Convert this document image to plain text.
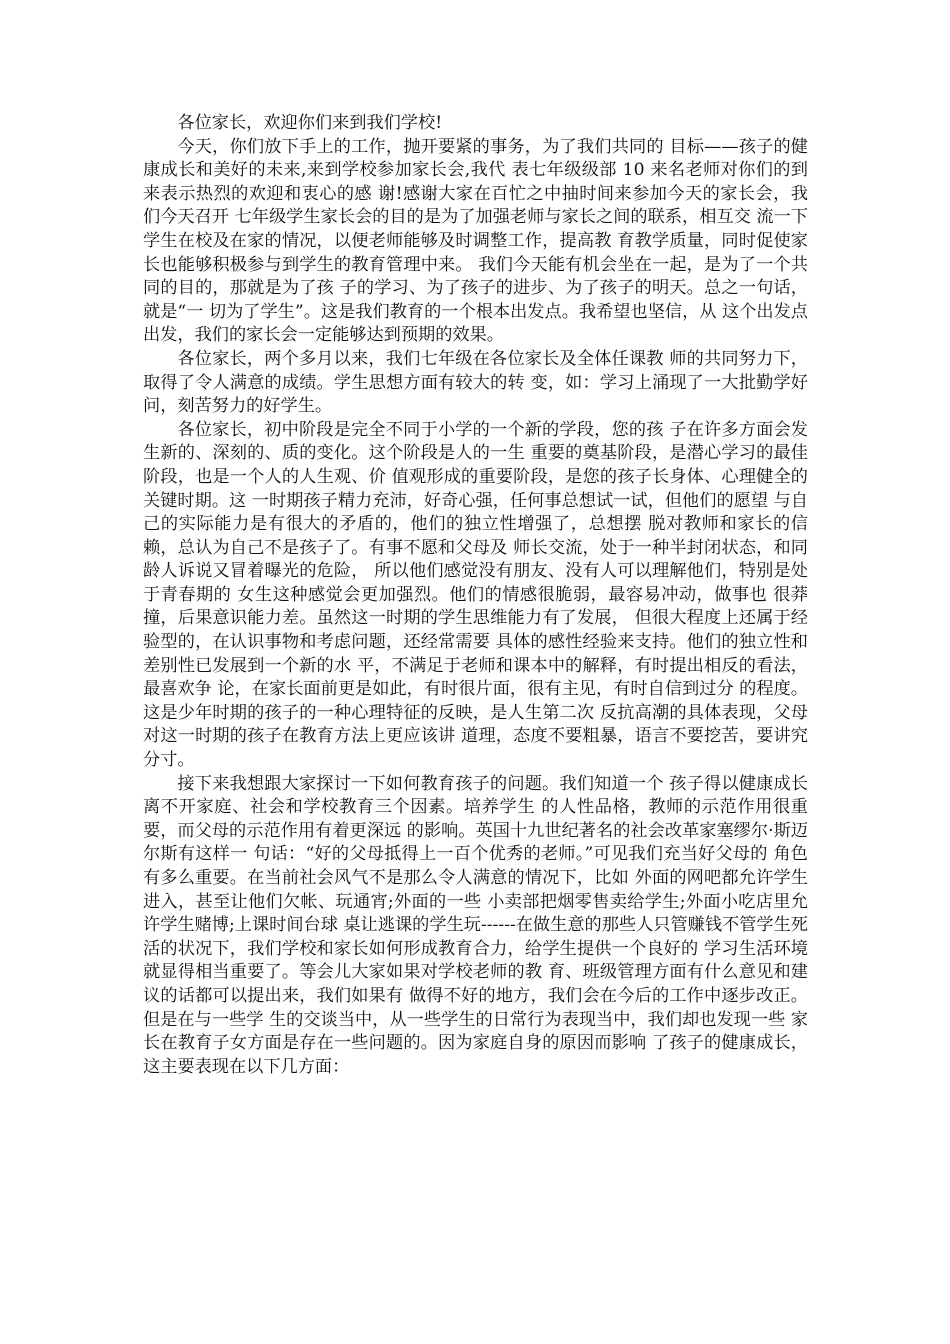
各位家长，欢迎你们来到我们学校!

今天，你们放下手上的工作，抛开要紧的事务，为了我们共同的 目标——孩子的健康成长和美好的未来,来到学校参加家长会,我代 表七年级级部 10 来名老师对你们的到来表示热烈的欢迎和衷心的感 谢!感谢大家在百忙之中抽时间来参加今天的家长会，我们今天召开 七年级学生家长会的目的是为了加强老师与家长之间的联系，相互交 流一下学生在校及在家的情况，以便老师能够及时调整工作，提高教 育教学质量，同时促使家长也能够积极参与到学生的教育管理中来。 我们今天能有机会坐在一起，是为了一个共同的目的，那就是为了孩 子的学习、为了孩子的进步、为了孩子的明天。总之一句话，就是“一 切为了学生”。这是我们教育的一个根本出发点。我希望也坚信，从 这个出发点出发，我们的家长会一定能够达到预期的效果。

各位家长，两个多月以来，我们七年级在各位家长及全体任课教 师的共同努力下，取得了令人满意的成绩。学生思想方面有较大的转 变，如：学习上涌现了一大批勤学好问，刻苦努力的好学生。

各位家长，初中阶段是完全不同于小学的一个新的学段，您的孩 子在许多方面会发生新的、深刻的、质的变化。这个阶段是人的一生 重要的奠基阶段，是潜心学习的最佳阶段，也是一个人的人生观、价 值观形成的重要阶段，是您的孩子长身体、心理健全的关键时期。这 一时期孩子精力充沛，好奇心强，任何事总想试一试，但他们的愿望 与自己的实际能力是有很大的矛盾的，他们的独立性增强了，总想摆 脱对教师和家长的信赖，总认为自己不是孩子了。有事不愿和父母及 师长交流，处于一种半封闭状态，和同龄人诉说又冒着曝光的危险， 所以他们感觉没有朋友、没有人可以理解他们，特别是处于青春期的 女生这种感觉会更加强烈。他们的情感很脆弱，最容易冲动，做事也 很莽撞，后果意识能力差。虽然这一时期的学生思维能力有了发展， 但很大程度上还属于经验型的，在认识事物和考虑问题，还经常需要 具体的感性经验来支持。他们的独立性和差别性已发展到一个新的水 平，不满足于老师和课本中的解释，有时提出相反的看法，最喜欢争 论，在家长面前更是如此，有时很片面，很有主见，有时自信到过分 的程度。这是少年时期的孩子的一种心理特征的反映，是人生第二次 反抗高潮的具体表现，父母对这一时期的孩子在教育方法上更应该讲 道理，态度不要粗暴，语言不要挖苦，要讲究分寸。

接下来我想跟大家探讨一下如何教育孩子的问题。我们知道一个 孩子得以健康成长离不开家庭、社会和学校教育三个因素。培养学生 的人性品格，教师的示范作用很重要，而父母的示范作用有着更深远 的影响。英国十九世纪著名的社会改革家塞缪尔·斯迈尔斯有这样一 句话：“好的父母抵得上一百个优秀的老师。”可见我们充当好父母的 角色有多么重要。在当前社会风气不是那么令人满意的情况下，比如 外面的网吧都允许学生进入，甚至让他们欠帐、玩通宵;外面的一些 小卖部把烟零售卖给学生;外面小吃店里允许学生赌博;上课时间台球 桌让逃课的学生玩------在做生意的那些人只管赚钱不管学生死活的状况下，我们学校和家长如何形成教育合力，给学生提供一个良好的 学习生活环境就显得相当重要了。等会儿大家如果对学校老师的教 育、班级管理方面有什么意见和建议的话都可以提出来，我们如果有 做得不好的地方，我们会在今后的工作中逐步改正。但是在与一些学 生的交谈当中，从一些学生的日常行为表现当中，我们却也发现一些 家长在教育子女方面是存在一些问题的。因为家庭自身的原因而影响 了孩子的健康成长，这主要表现在以下几方面：
